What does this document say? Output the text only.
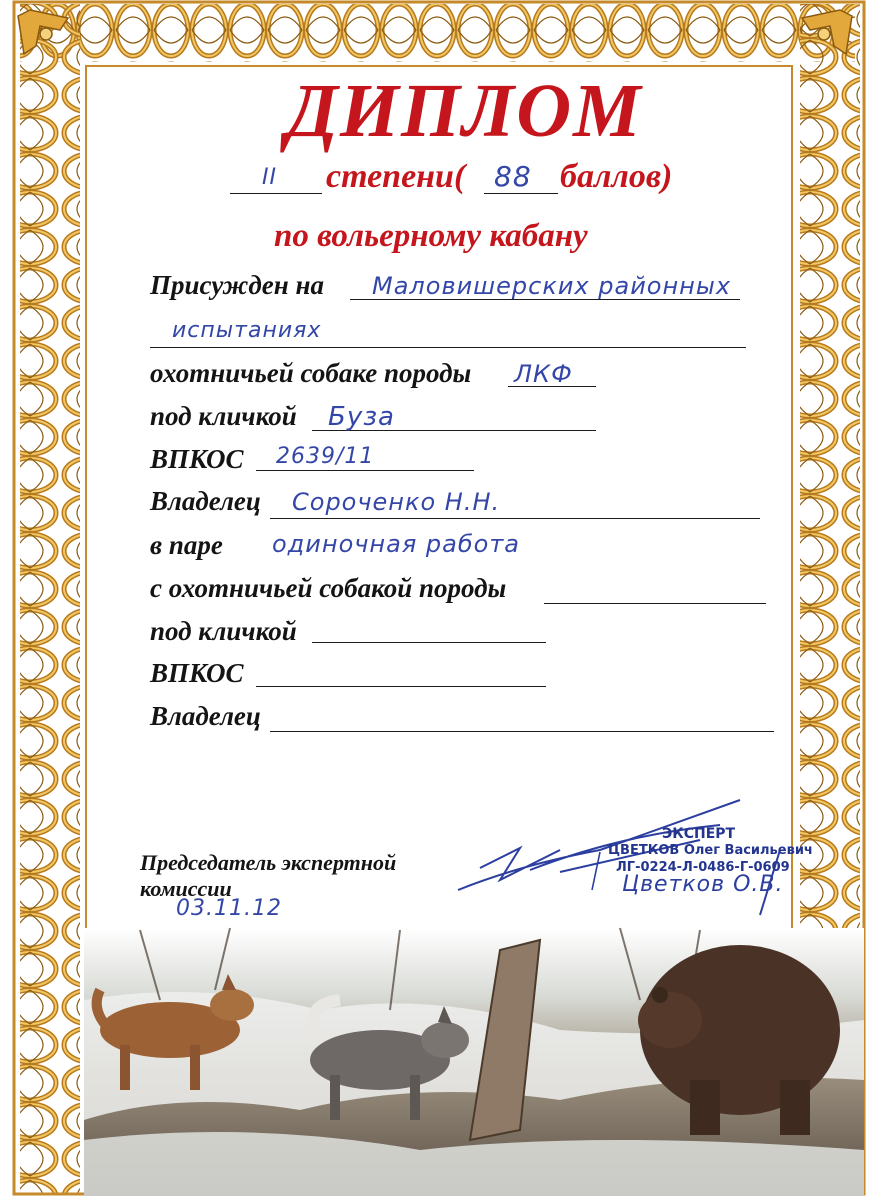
ДИПЛОМ
II степени( 88 баллов)
по вольерному кабану
Присужден на Маловишерских районных
испытаниях
охотничьей собаке породы ЛКФ
под кличкой Буза
ВПКОС 2639/11
Владелец Сороченко Н.Н.
в паре одиночная работа
с охотничьей собакой породы
под кличкой
ВПКОС
Владелец
Председатель экспертной
комиссии
03.11.12
ЭКСПЕРТ
ЦВЕТКОВ Олег Васильевич
ЛГ-0224-Л-0486-Г-0609
Цветков О.В.
